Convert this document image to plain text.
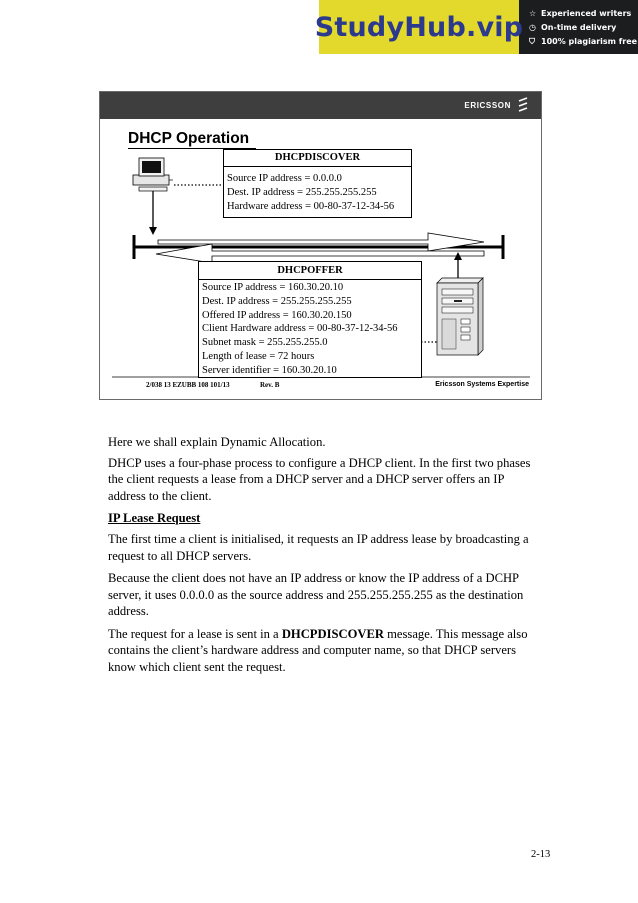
StudyHub.vip ☆ Experienced writers
◷ On-time delivery
⛉ 100% plagiarism free
ERICSSON
DHCP Operation
DHCPDISCOVER
Source IP address = 0.0.0.0
Dest. IP address = 255.255.255.255
Hardware address = 00-80-37-12-34-56
DHCPOFFER
Source IP address = 160.30.20.10
Dest. IP address = 255.255.255.255
Offered IP address = 160.30.20.150
Client Hardware address = 00-80-37-12-34-56
Subnet mask = 255.255.255.0
Length of lease = 72 hours
Server identifier = 160.30.20.10
2/038 13 EZUBB 108 101/13	Rev. B	Ericsson Systems Expertise

Here we shall explain Dynamic Allocation.

DHCP uses a four-phase process to configure a DHCP client. In the first two phases the client requests a lease from a DHCP server and a DHCP server offers an IP address to the client.

IP Lease Request

The first time a client is initialised, it requests an IP address lease by broadcasting a request to all DHCP servers.

Because the client does not have an IP address or know the IP address of a DCHP server, it uses 0.0.0.0 as the source address and 255.255.255.255 as the destination address.

The request for a lease is sent in a DHCPDISCOVER message. This message also contains the client’s hardware address and computer name, so that DHCP servers know which client sent the request.

2-13
